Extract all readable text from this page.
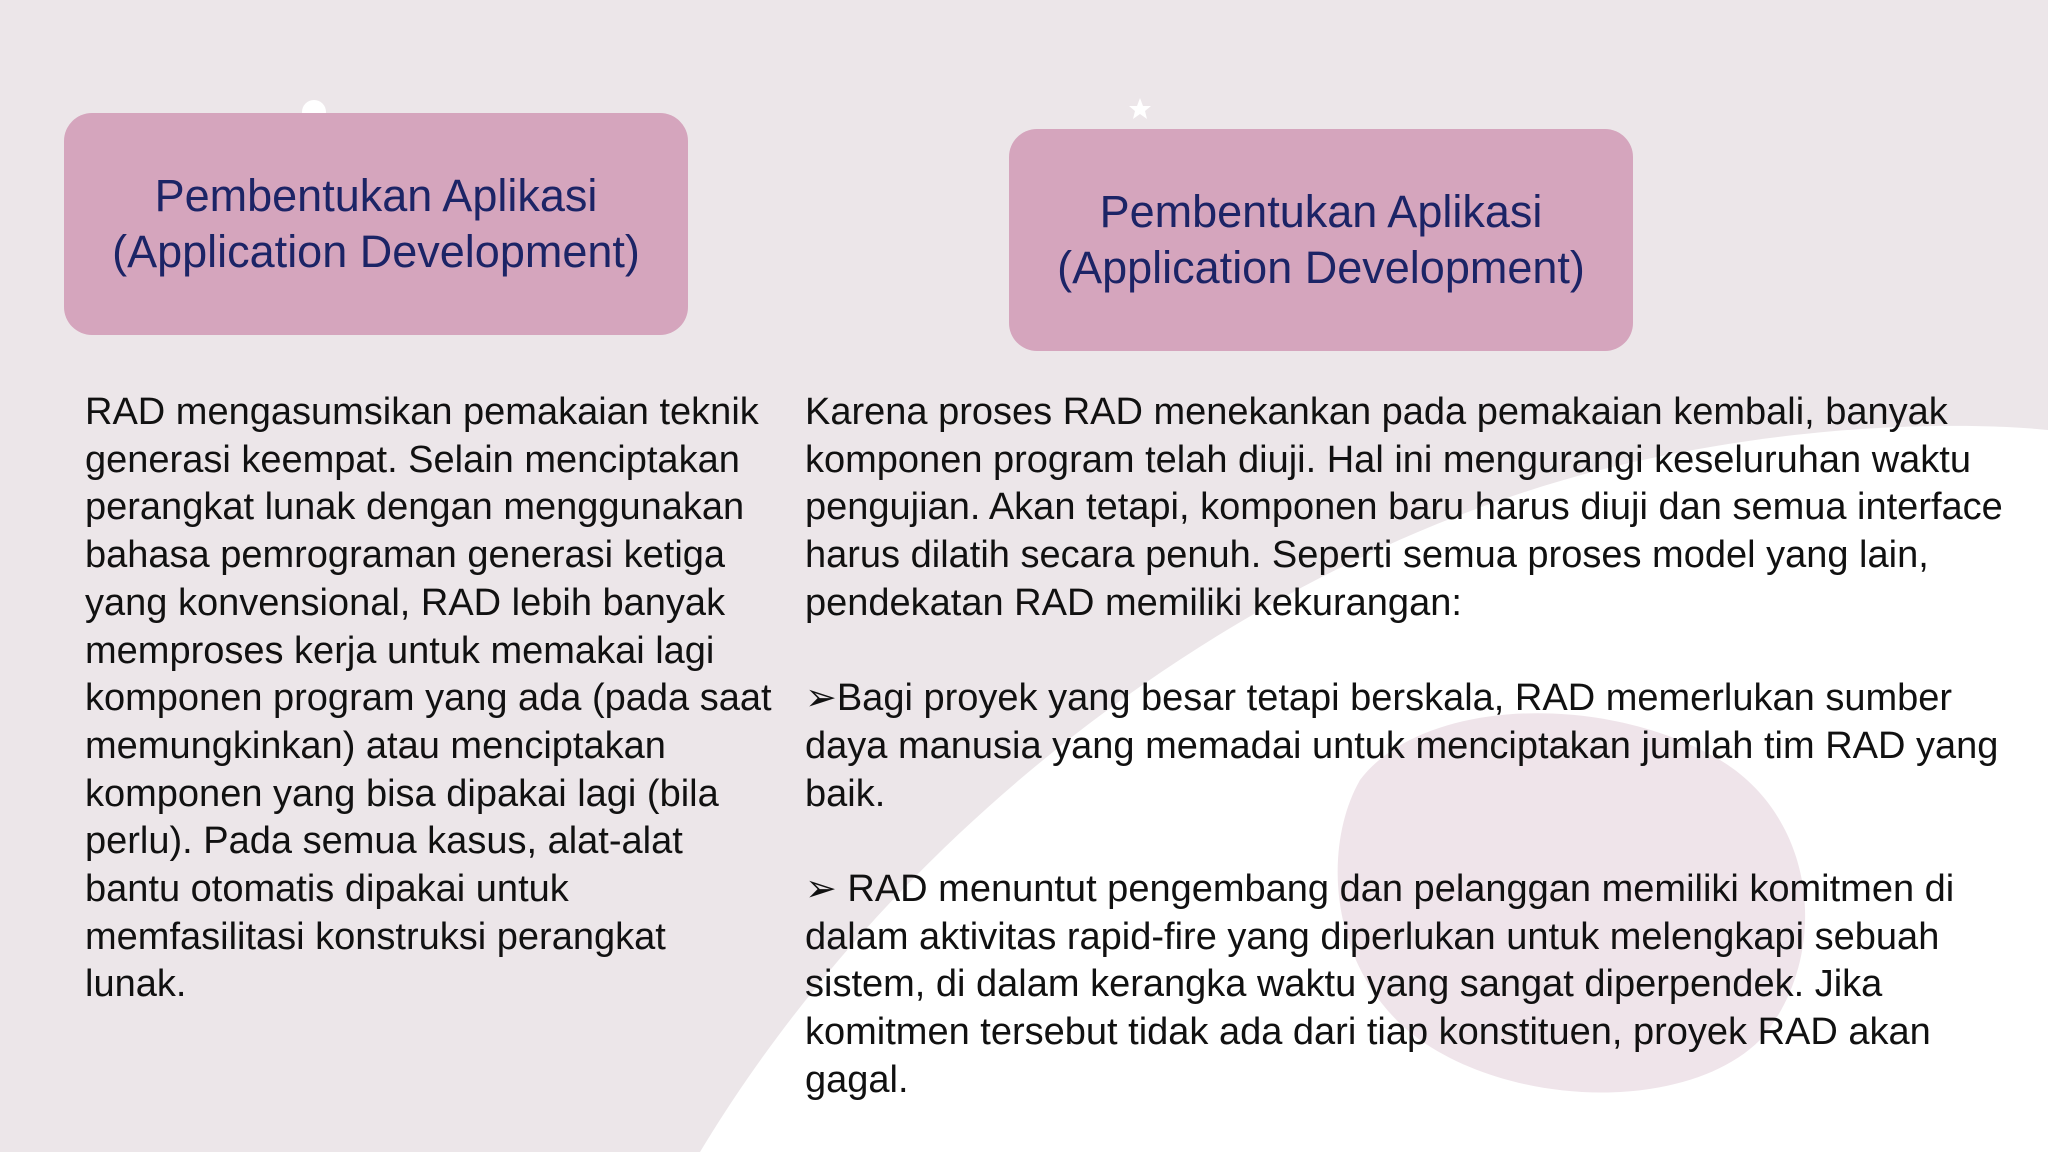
Pembentukan Aplikasi
(Application Development)
Pembentukan Aplikasi
(Application Development)

RAD mengasumsikan pemakaian teknik generasi keempat. Selain menciptakan perangkat lunak dengan menggunakan bahasa pemrograman generasi ketiga yang konvensional, RAD lebih banyak memproses kerja untuk memakai lagi komponen program yang ada (pada saat memungkinkan) atau menciptakan komponen yang bisa dipakai lagi (bila perlu). Pada semua kasus, alat-alat bantu otomatis dipakai untuk memfasilitasi konstruksi perangkat lunak.

Karena proses RAD menekankan pada pemakaian kembali, banyak komponen program telah diuji. Hal ini mengurangi keseluruhan waktu pengujian. Akan tetapi, komponen baru harus diuji dan semua interface harus dilatih secara penuh. Seperti semua proses model yang lain, pendekatan RAD memiliki kekurangan:

➢Bagi proyek yang besar tetapi berskala, RAD memerlukan sumber daya manusia yang memadai untuk menciptakan jumlah tim RAD yang baik.

➢ RAD menuntut pengembang dan pelanggan memiliki komitmen di dalam aktivitas rapid-fire yang diperlukan untuk melengkapi sebuah sistem, di dalam kerangka waktu yang sangat diperpendek. Jika komitmen tersebut tidak ada dari tiap konstituen, proyek RAD akan gagal.
